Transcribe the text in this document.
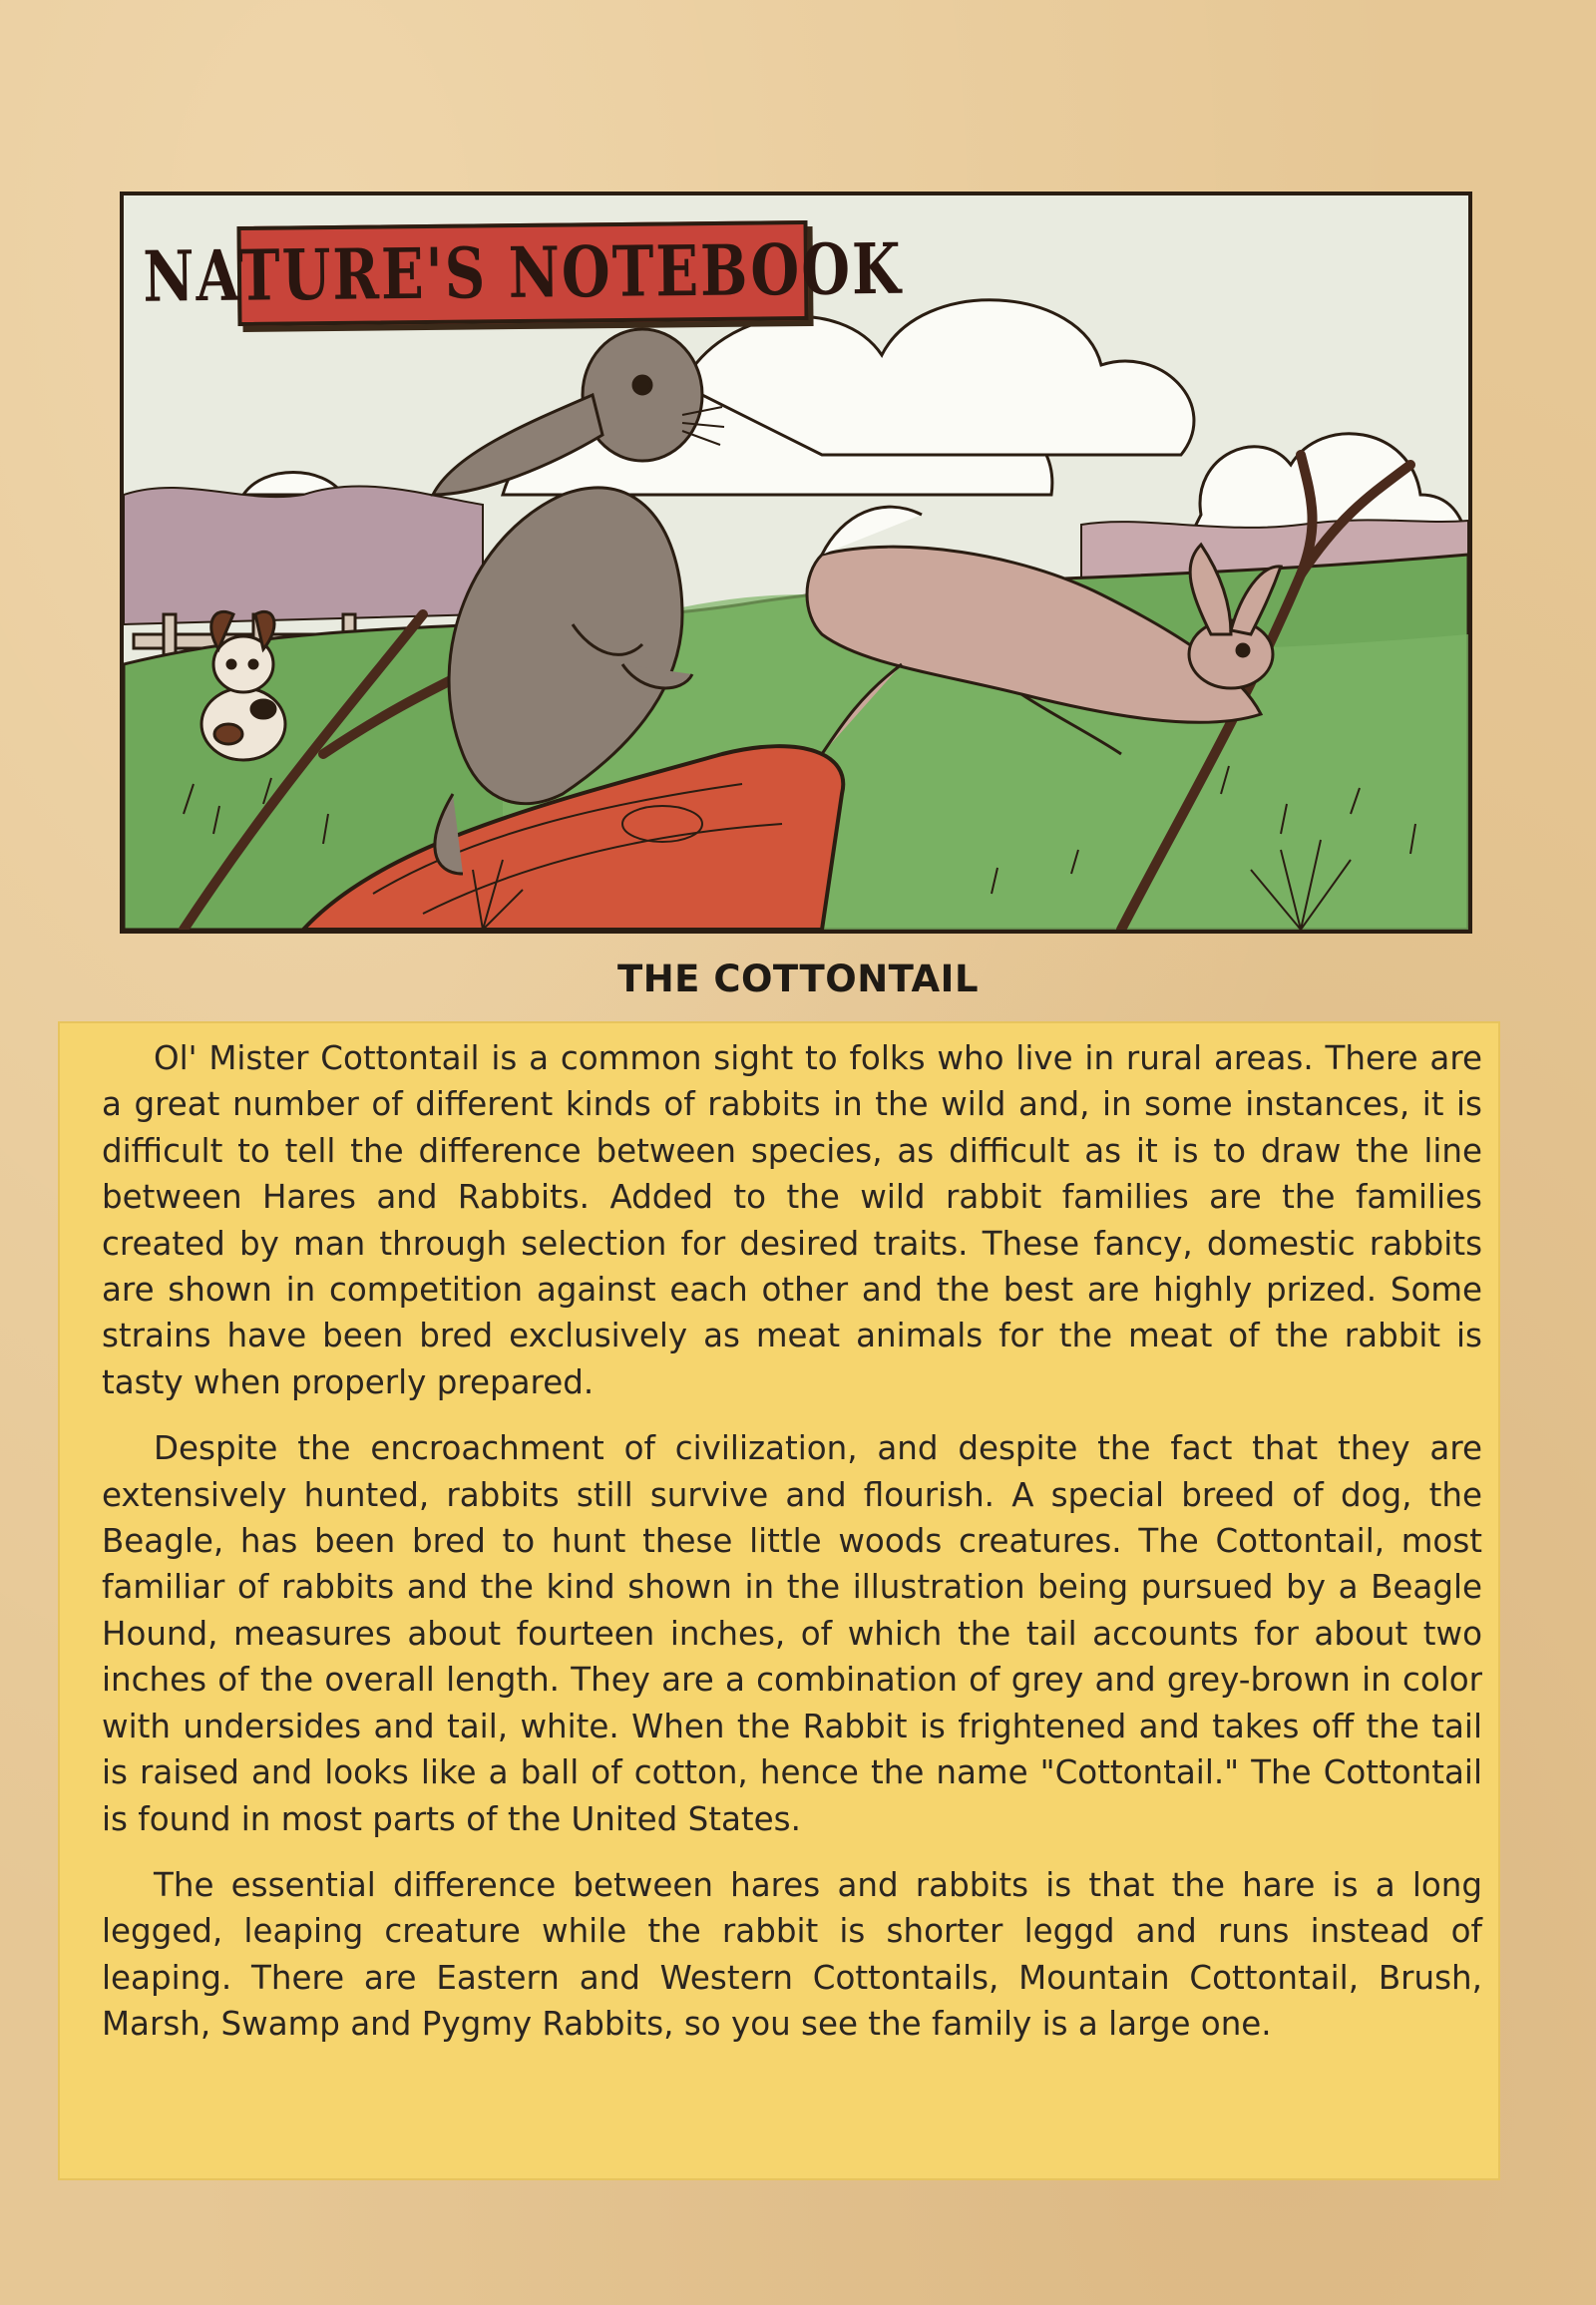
NATURE'S NOTEBOOK
THE COTTONTAIL

Ol' Mister Cottontail is a common sight to folks who live in rural areas. There are a great number of different kinds of rabbits in the wild and, in some instances, it is difficult to tell the difference between species, as difficult as it is to draw the line between Hares and Rabbits. Added to the wild rabbit families are the families created by man through selection for desired traits. These fancy, domestic rabbits are shown in competition against each other and the best are highly prized. Some strains have been bred exclusively as meat animals for the meat of the rabbit is tasty when properly prepared.

Despite the encroachment of civilization, and despite the fact that they are extensively hunted, rabbits still survive and flourish. A special breed of dog, the Beagle, has been bred to hunt these little woods creatures. The Cottontail, most familiar of rabbits and the kind shown in the illustration being pursued by a Beagle Hound, measures about fourteen inches, of which the tail accounts for about two inches of the overall length. They are a combination of grey and grey-brown in color with undersides and tail, white. When the Rabbit is frightened and takes off the tail is raised and looks like a ball of cotton, hence the name "Cottontail." The Cottontail is found in most parts of the United States.

The essential difference between hares and rabbits is that the hare is a long legged, leaping creature while the rabbit is shorter leggd and runs instead of leaping. There are Eastern and Western Cottontails, Mountain Cottontail, Brush, Marsh, Swamp and Pygmy Rabbits, so you see the family is a large one.
